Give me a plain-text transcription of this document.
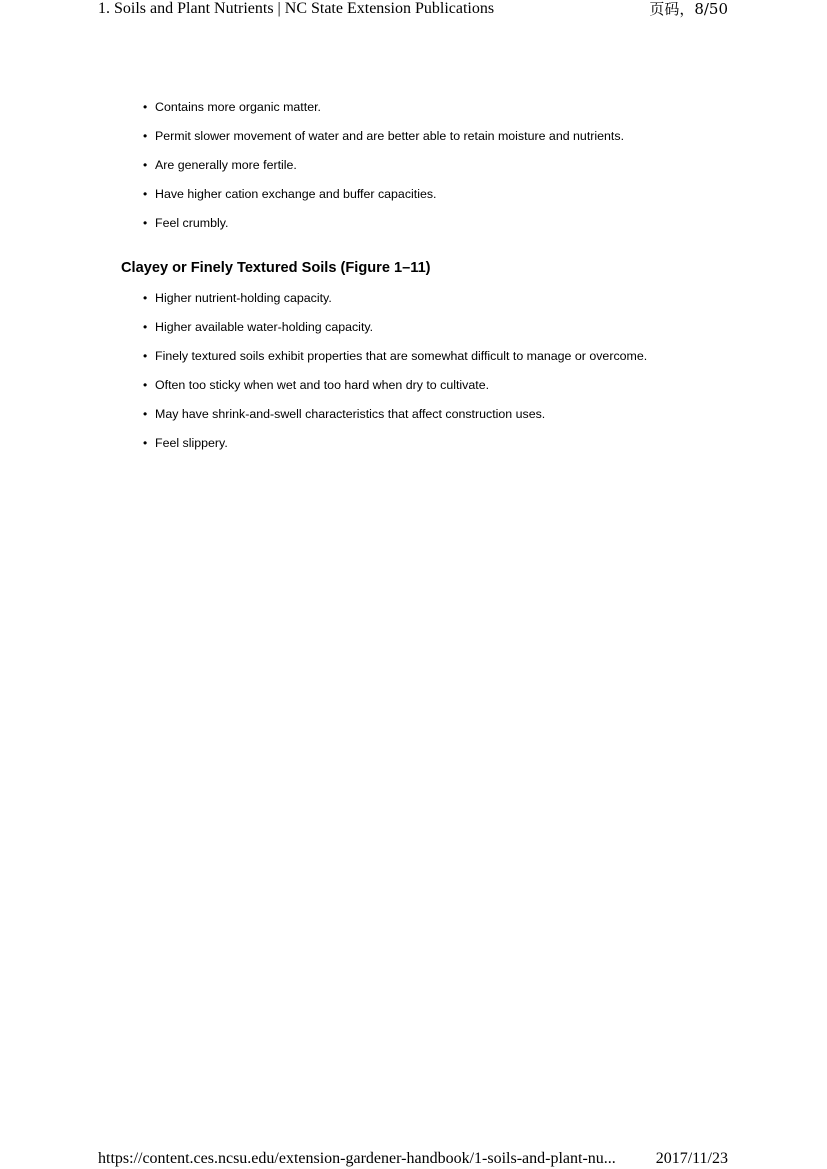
1. Soils and Plant Nutrients | NC State Extension Publications	页码，8/50
• Contains more organic matter.
• Permit slower movement of water and are better able to retain moisture and nutrients.
• Are generally more fertile.
• Have higher cation exchange and buffer capacities.
• Feel crumbly.
Clayey or Finely Textured Soils (Figure 1–11)
• Higher nutrient-holding capacity.
• Higher available water-holding capacity.
• Finely textured soils exhibit properties that are somewhat difficult to manage or overcome.
• Often too sticky when wet and too hard when dry to cultivate.
• May have shrink-and-swell characteristics that affect construction uses.
• Feel slippery.
https://content.ces.ncsu.edu/extension-gardener-handbook/1-soils-and-plant-nu... 2017/11/23
